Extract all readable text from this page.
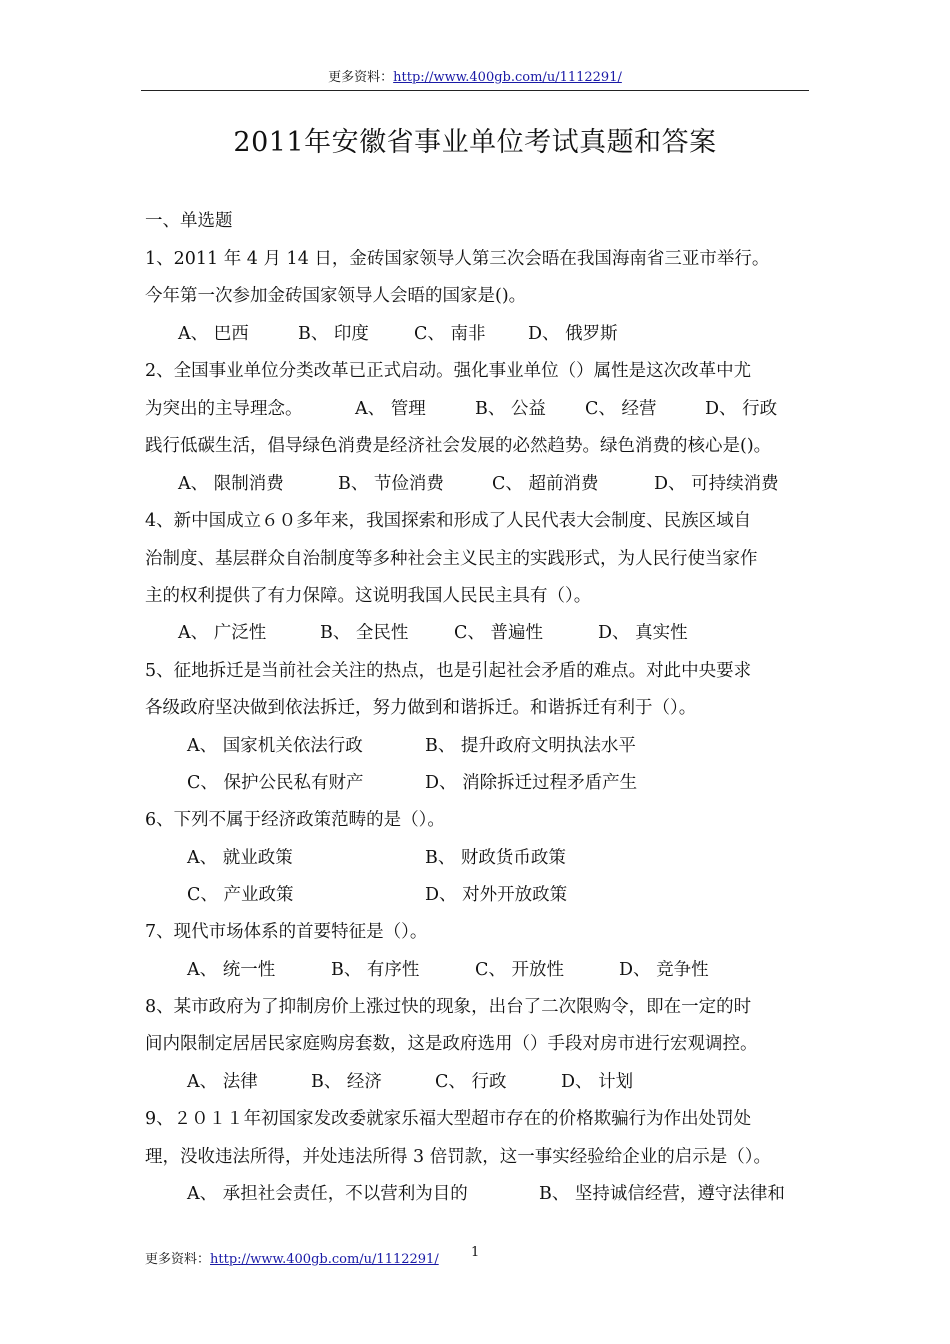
更多资料：http://www.400gb.com/u/1112291/
2011年安徽省事业单位考试真题和答案
一、单选题
1、2011 年 4 月 14 日，金砖国家领导人第三次会晤在我国海南省三亚市举行。
今年第一次参加金砖国家领导人会晤的国家是()。
A、 巴西	B、 印度	C、 南非 D、 俄罗斯
2、全国事业单位分类改革已正式启动。强化事业单位（）属性是这次改革中尤
为突出的主导理念。	A、 管理	B、 公益 C、 经营	D、 行政
践行低碳生活，倡导绿色消费是经济社会发展的必然趋势。绿色消费的核心是()。
A、 限制消费	B、 节俭消费	C、 超前消费	D、 可持续消费
4、新中国成立６０多年来，我国探索和形成了人民代表大会制度、民族区域自
治制度、基层群众自治制度等多种社会主义民主的实践形式，为人民行使当家作
主的权利提供了有力保障。这说明我国人民民主具有（）。
A、 广泛性	B、 全民性	C、 普遍性	D、 真实性
5、征地拆迁是当前社会关注的热点，也是引起社会矛盾的难点。对此中央要求
各级政府坚决做到依法拆迁，努力做到和谐拆迁。和谐拆迁有利于（）。
A、 国家机关依法行政	B、 提升政府文明执法水平
C、 保护公民私有财产	D、 消除拆迁过程矛盾产生
6、下列不属于经济政策范畴的是（）。
A、 就业政策	B、 财政货币政策
C、 产业政策	D、 对外开放政策
7、现代市场体系的首要特征是（）。
A、 统一性	B、 有序性	C、 开放性	D、 竞争性
8、某市政府为了抑制房价上涨过快的现象，出台了二次限购令，即在一定的时
间内限制定居居民家庭购房套数，这是政府选用（）手段对房市进行宏观调控。
A、 法律	B、 经济	C、 行政	D、 计划
9、２０１１年初国家发改委就家乐福大型超市存在的价格欺骗行为作出处罚处
理，没收违法所得，并处违法所得 3 倍罚款，这一事实经验给企业的启示是（）。
A、 承担社会责任，不以营利为目的	B、 坚持诚信经营，遵守法律和
更多资料：http://www.400gb.com/u/1112291/ 1
